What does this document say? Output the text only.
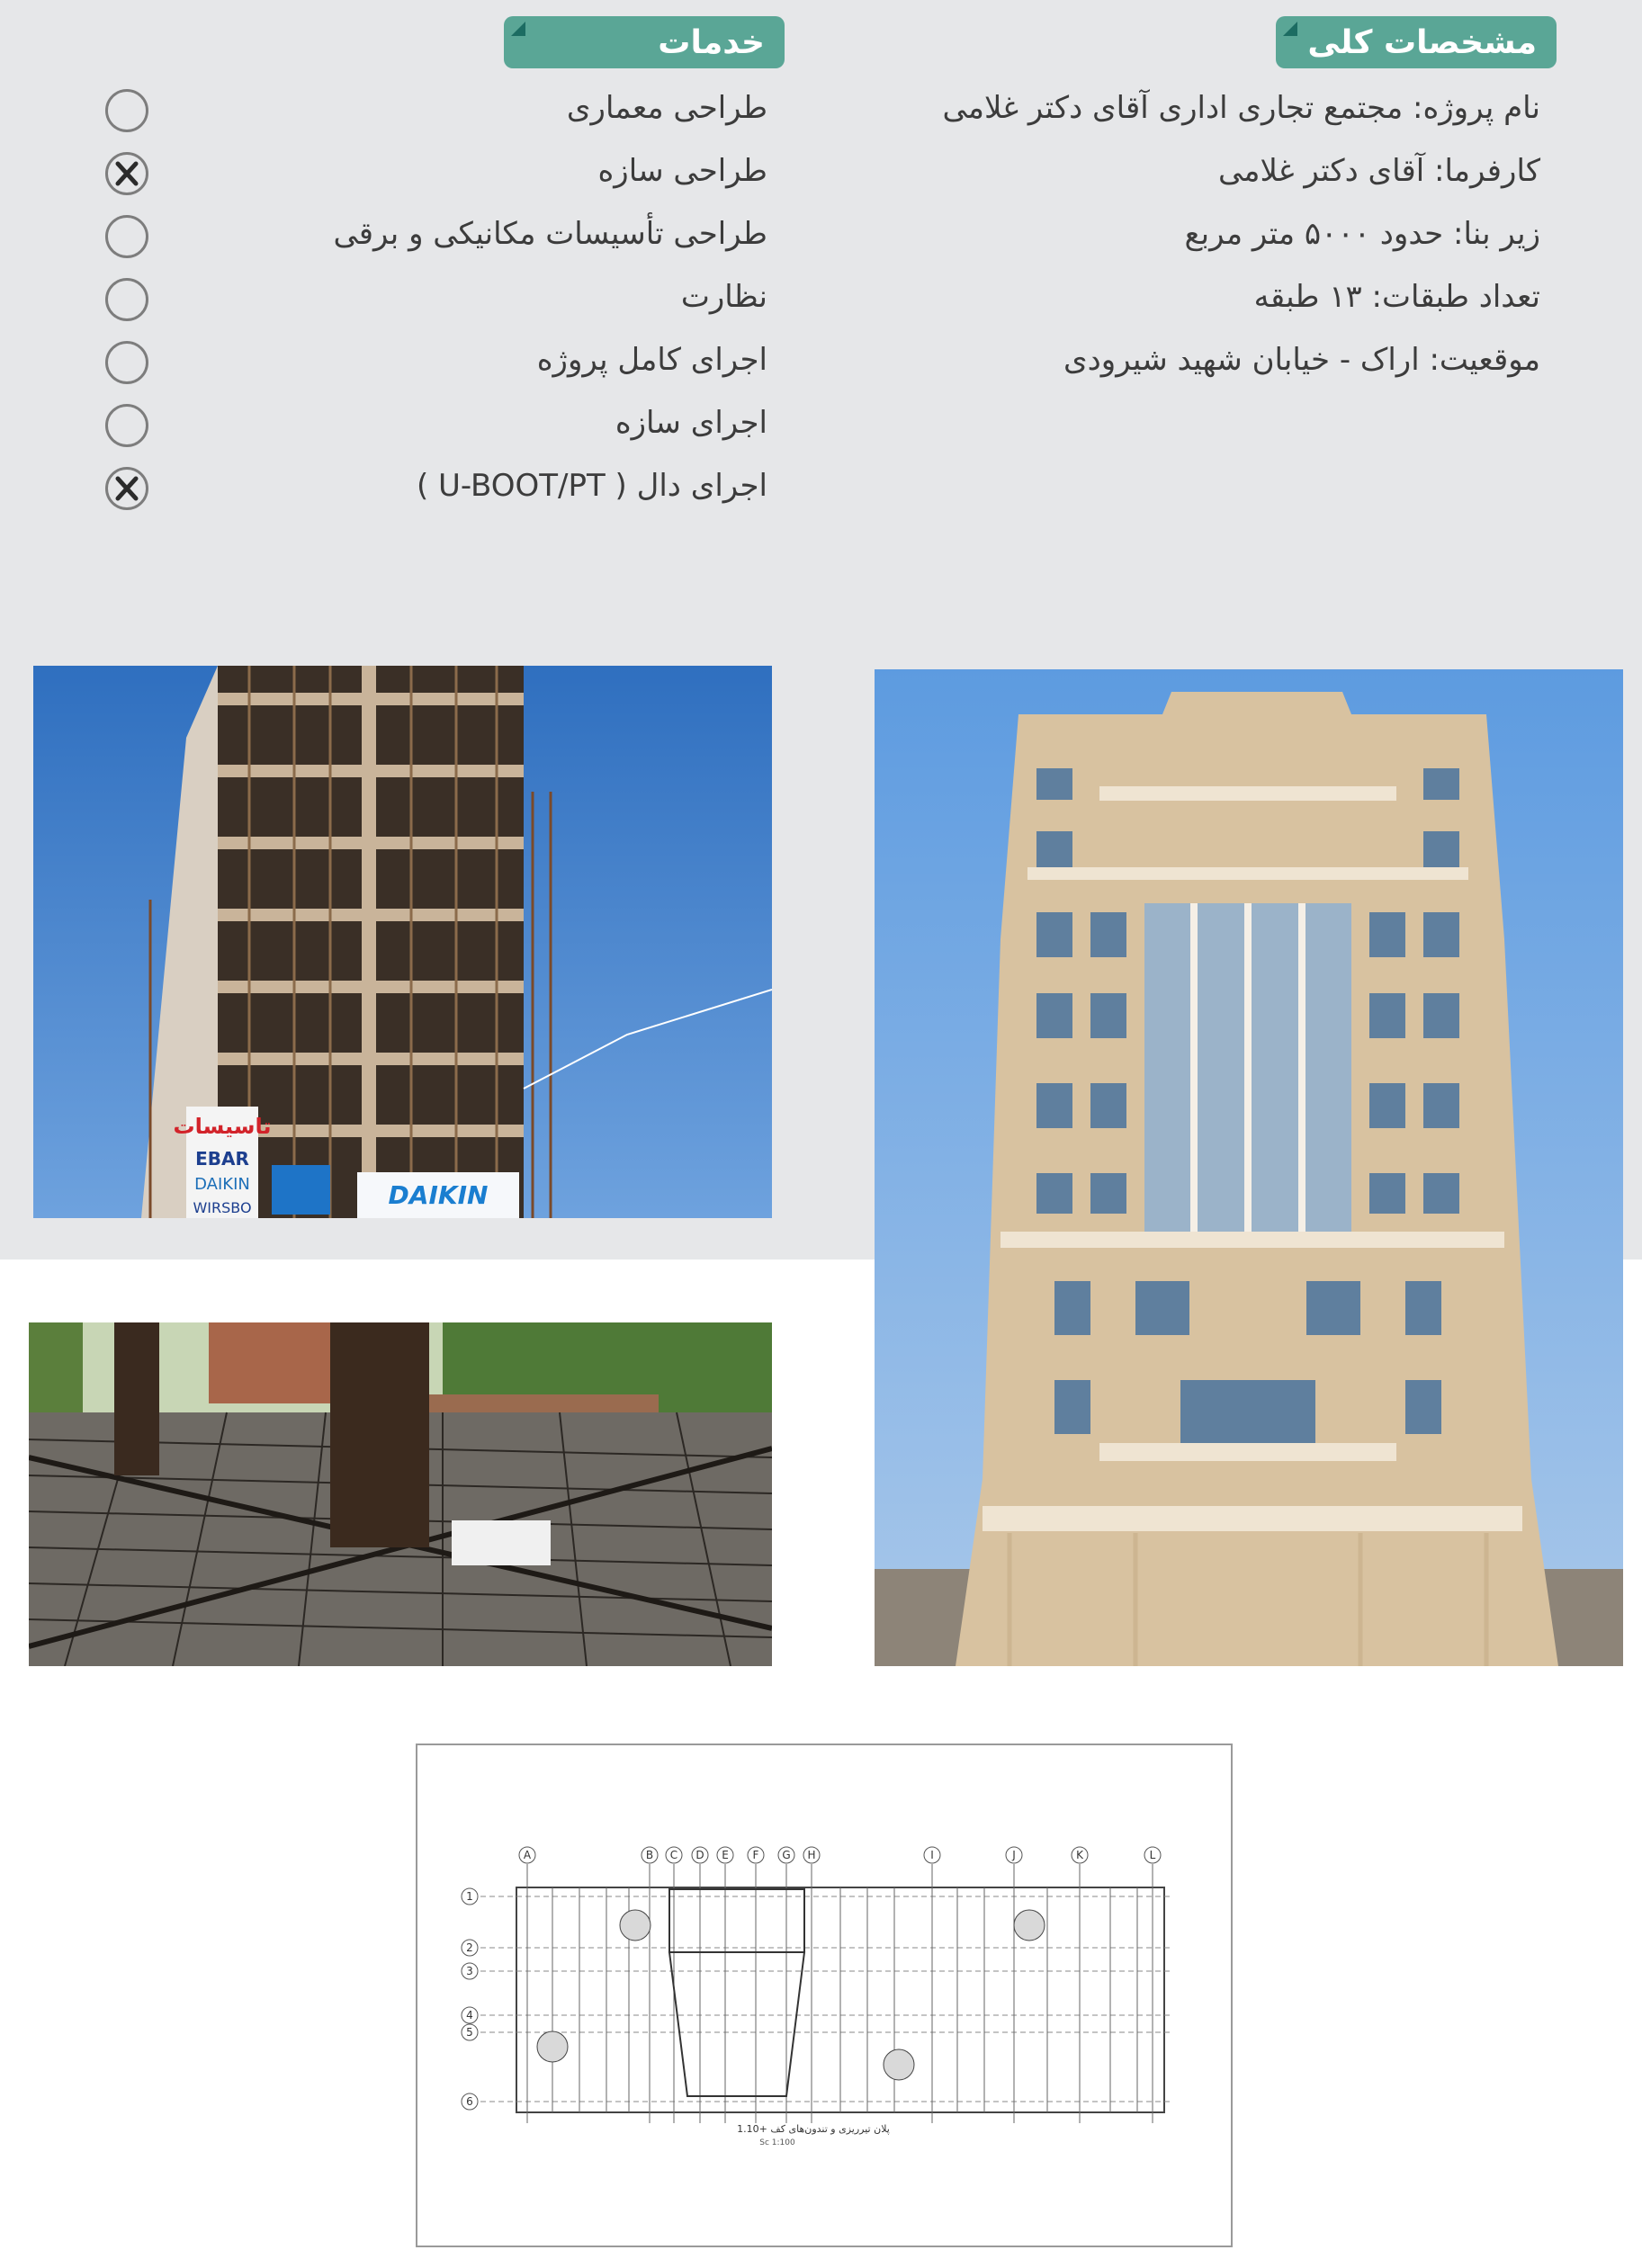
مشخصات کلی
نام پروژه: مجتمع تجاری اداری آقای دکتر غلامی
کارفرما: آقای دکتر غلامی
زیر بنا: حدود ۵۰۰۰ متر مربع
تعداد طبقات: ۱۳ طبقه
موقعیت: اراک - خیابان شهید شیرودی
خدمات
طراحی معماری
طراحی سازه
طراحی تأسیسات مکانیکی و برقی
نظارت
اجرای کامل پروژه
اجرای سازه
اجرای دال ( U-BOOT/PT )
تاسیسات
EBAR
DAIKIN
WIRSBO	DAIKIN
A	B C D E F G H	I	J	K	L
1
2
3
4
5
6
پلان تیرریزی و تندون‌های کف +1.10
Sc 1:100
